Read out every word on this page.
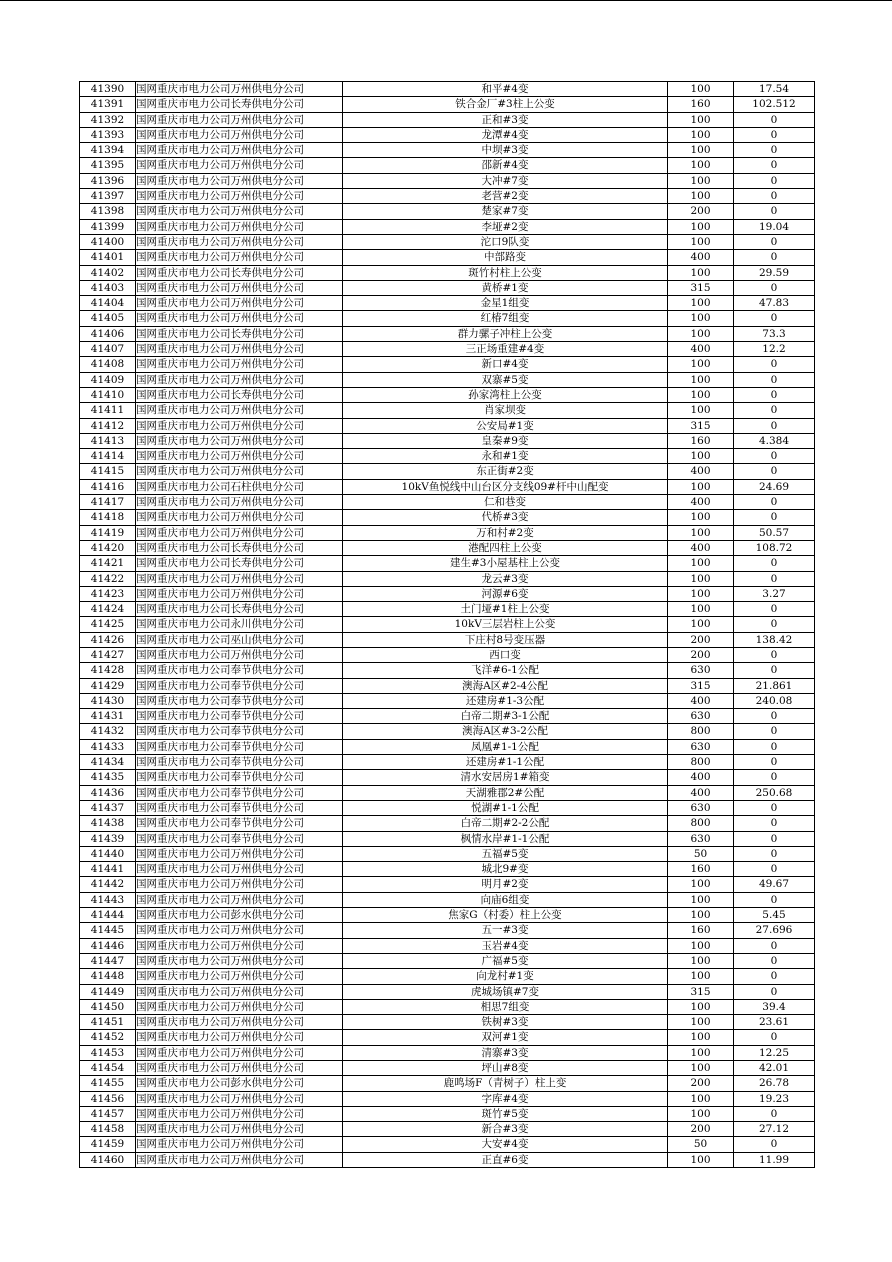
41390	国网重庆市电力公司万州供电分公司	和平#4变	100	17.54
41391	国网重庆市电力公司长寿供电分公司	铁合金厂#3柱上公变	160	102.512
41392	国网重庆市电力公司万州供电分公司	正和#3变	100	0
41393	国网重庆市电力公司万州供电分公司	龙潭#4变	100	0
41394	国网重庆市电力公司万州供电分公司	中坝#3变	100	0
41395	国网重庆市电力公司万州供电分公司	邵新#4变	100	0
41396	国网重庆市电力公司万州供电分公司	大冲#7变	100	0
41397	国网重庆市电力公司万州供电分公司	老营#2变	100	0
41398	国网重庆市电力公司万州供电分公司	楚家#7变	200	0
41399	国网重庆市电力公司万州供电分公司	李垭#2变	100	19.04
41400	国网重庆市电力公司万州供电分公司	沱口9队变	100	0
41401	国网重庆市电力公司万州供电分公司	中部路变	400	0
41402	国网重庆市电力公司长寿供电分公司	斑竹村柱上公变	100	29.59
41403	国网重庆市电力公司万州供电分公司	黄桥#1变	315	0
41404	国网重庆市电力公司万州供电分公司	金星1组变	100	47.83
41405	国网重庆市电力公司万州供电分公司	红椿7组变	100	0
41406	国网重庆市电力公司长寿供电分公司	群力骡子冲柱上公变	100	73.3
41407	国网重庆市电力公司万州供电分公司	三正场重建#4变	400	12.2
41408	国网重庆市电力公司万州供电分公司	新口#4变	100	0
41409	国网重庆市电力公司万州供电分公司	双寨#5变	100	0
41410	国网重庆市电力公司长寿供电分公司	孙家湾柱上公变	100	0
41411	国网重庆市电力公司万州供电分公司	肖家坝变	100	0
41412	国网重庆市电力公司万州供电分公司	公安局#1变	315	0
41413	国网重庆市电力公司万州供电分公司	皇秦#9变	160	4.384
41414	国网重庆市电力公司万州供电分公司	永和#1变	100	0
41415	国网重庆市电力公司万州供电分公司	东正街#2变	400	0
41416	国网重庆市电力公司石柱供电分公司	10kV鱼悦线中山台区分支线09#杆中山配变	100	24.69
41417	国网重庆市电力公司万州供电分公司	仁和巷变	400	0
41418	国网重庆市电力公司万州供电分公司	代桥#3变	100	0
41419	国网重庆市电力公司万州供电分公司	万和村#2变	100	50.57
41420	国网重庆市电力公司长寿供电分公司	港配四柱上公变	400	108.72
41421	国网重庆市电力公司长寿供电分公司	建生#3小屋基柱上公变	100	0
41422	国网重庆市电力公司万州供电分公司	龙云#3变	100	0
41423	国网重庆市电力公司万州供电分公司	河源#6变	100	3.27
41424	国网重庆市电力公司长寿供电分公司	土门垭#1柱上公变	100	0
41425	国网重庆市电力公司永川供电分公司	10kV三层岩柱上公变	100	0
41426	国网重庆市电力公司巫山供电分公司	下庄村8号变压器	200	138.42
41427	国网重庆市电力公司万州供电分公司	西口变	200	0
41428	国网重庆市电力公司奉节供电分公司	飞洋#6-1公配	630	0
41429	国网重庆市电力公司奉节供电分公司	澳海A区#2-4公配	315	21.861
41430	国网重庆市电力公司奉节供电分公司	还建房#1-3公配	400	240.08
41431	国网重庆市电力公司奉节供电分公司	白帝二期#3-1公配	630	0
41432	国网重庆市电力公司奉节供电分公司	澳海A区#3-2公配	800	0
41433	国网重庆市电力公司奉节供电分公司	凤凰#1-1公配	630	0
41434	国网重庆市电力公司奉节供电分公司	还建房#1-1公配	800	0
41435	国网重庆市电力公司奉节供电分公司	清水安居房1#箱变	400	0
41436	国网重庆市电力公司奉节供电分公司	天湖雅郡2#公配	400	250.68
41437	国网重庆市电力公司奉节供电分公司	悦湖#1-1公配	630	0
41438	国网重庆市电力公司奉节供电分公司	白帝二期#2-2公配	800	0
41439	国网重庆市电力公司奉节供电分公司	枫情水岸#1-1公配	630	0
41440	国网重庆市电力公司万州供电分公司	五福#5变	50	0
41441	国网重庆市电力公司万州供电分公司	城北9#变	160	0
41442	国网重庆市电力公司万州供电分公司	明月#2变	100	49.67
41443	国网重庆市电力公司万州供电分公司	向庙6组变	100	0
41444	国网重庆市电力公司彭水供电分公司	焦家G（村委）柱上公变	100	5.45
41445	国网重庆市电力公司万州供电分公司	五一#3变	160	27.696
41446	国网重庆市电力公司万州供电分公司	玉岩#4变	100	0
41447	国网重庆市电力公司万州供电分公司	广福#5变	100	0
41448	国网重庆市电力公司万州供电分公司	向龙村#1变	100	0
41449	国网重庆市电力公司万州供电分公司	虎城场镇#7变	315	0
41450	国网重庆市电力公司万州供电分公司	相思7组变	100	39.4
41451	国网重庆市电力公司万州供电分公司	铁树#3变	100	23.61
41452	国网重庆市电力公司万州供电分公司	双河#1变	100	0
41453	国网重庆市电力公司万州供电分公司	清寨#3变	100	12.25
41454	国网重庆市电力公司万州供电分公司	坪山#8变	100	42.01
41455	国网重庆市电力公司彭水供电分公司	鹿鸣场F（青树子）柱上变	200	26.78
41456	国网重庆市电力公司万州供电分公司	字库#4变	100	19.23
41457	国网重庆市电力公司万州供电分公司	斑竹#5变	100	0
41458	国网重庆市电力公司万州供电分公司	新合#3变	200	27.12
41459	国网重庆市电力公司万州供电分公司	大安#4变	50	0
41460	国网重庆市电力公司万州供电分公司	正直#6变	100	11.99
